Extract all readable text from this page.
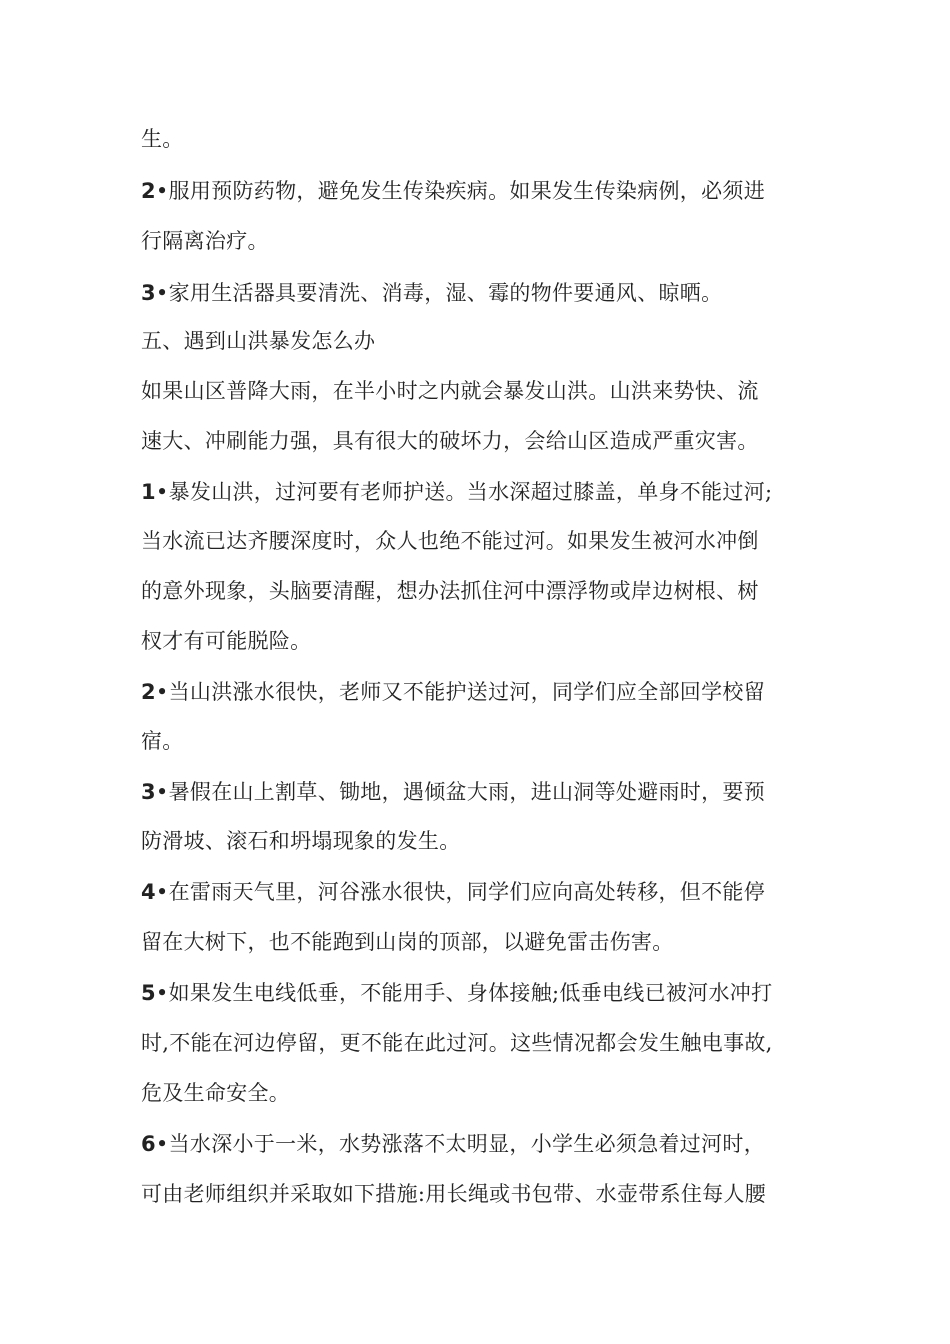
生。
2•服用预防药物，避免发生传染疾病。如果发生传染病例，必须进
行隔离治疗。
3•家用生活器具要清洗、消毒，湿、霉的物件要通风、晾晒。
五、遇到山洪暴发怎么办
如果山区普降大雨，在半小时之内就会暴发山洪。山洪来势快、流
速大、冲刷能力强，具有很大的破坏力，会给山区造成严重灾害。
1•暴发山洪，过河要有老师护送。当水深超过膝盖，单身不能过河;
当水流已达齐腰深度时，众人也绝不能过河。如果发生被河水冲倒
的意外现象，头脑要清醒，想办法抓住河中漂浮物或岸边树根、树
杈才有可能脱险。
2•当山洪涨水很快，老师又不能护送过河，同学们应全部回学校留
宿。
3•暑假在山上割草、锄地，遇倾盆大雨，进山洞等处避雨时，要预
防滑坡、滚石和坍塌现象的发生。
4•在雷雨天气里，河谷涨水很快，同学们应向高处转移，但不能停
留在大树下，也不能跑到山岗的顶部，以避免雷击伤害。
5•如果发生电线低垂，不能用手、身体接触;低垂电线已被河水冲打
时,不能在河边停留，更不能在此过河。这些情况都会发生触电事故,
危及生命安全。
6•当水深小于一米，水势涨落不太明显，小学生必须急着过河时，
可由老师组织并采取如下措施:用长绳或书包带、水壶带系住每人腰
